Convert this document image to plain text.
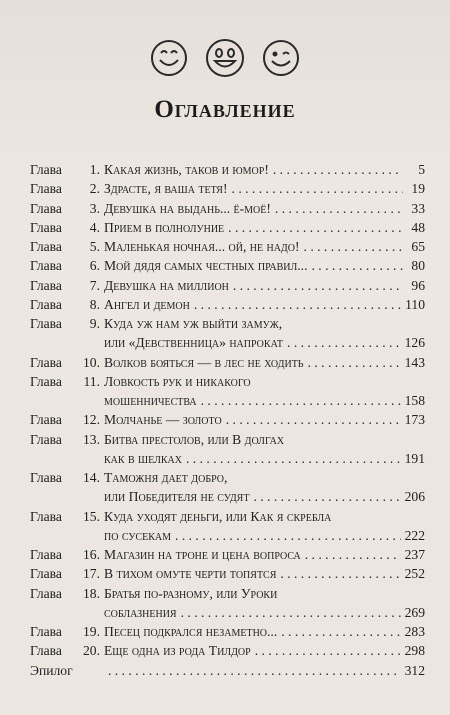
Оглавление
Глава	1. Какая жизнь, таков и юмор! . . .	5
Глава	2. Здрасте, я ваша тетя! . . .	19
Глава	3. Девушка на выдань... ё-моё! . . .	33
Глава	4. Прием в полнолуние . . .	48
Глава	5. Маленькая ночная... ой, не надо! . . .	65
Глава	6. Мой дядя самых честных правил... . . .	80
Глава	7. Девушка на миллион . . .	96
Глава	8. Ангел и демон . . .	110
Глава	9. Куда уж нам уж выйти замуж,
или «Девственница» напрокат . . .	126
Глава	10. Волков бояться — в лес не ходить . . .	143
Глава	11. Ловкость рук и никакого
мошенничества . . .	158
Глава	12. Молчанье — золото . . .	173
Глава	13. Битва престолов, или В долгах
как в шелках . . .	191
Глава	14. Таможня дает добро,
или Победителя не судят . . .	206
Глава	15. Куда уходят деньги, или Как я скребла
по сусекам . . .	222
Глава	16. Магазин на троне и цена вопроса . . .	237
Глава	17. В тихом омуте черти топятся . . .	252
Глава	18. Братья по-разному, или Уроки
соблазнения . . .	269
Глава	19. Песец подкрался незаметно... . . .	283
Глава	20. Еще одна из рода Тилдор . . .	298
Эпилог . . .	312
